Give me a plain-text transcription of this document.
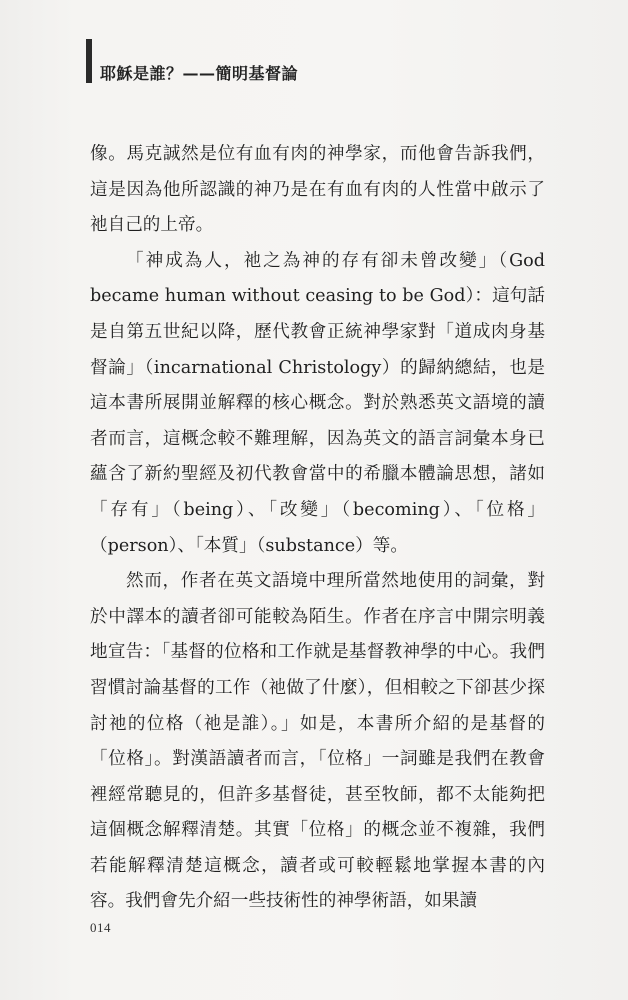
耶穌是誰？——簡明基督論

像。馬克誠然是位有血有肉的神學家，而他會告訴我們，這是因為他所認識的神乃是在有血有肉的人性當中啟示了祂自己的上帝。

「神成為人，祂之為神的存有卻未曾改變」（God became human without ceasing to be God）：這句話是自第五世紀以降，歷代教會正統神學家對「道成肉身基督論」（incarnational Christology）的歸納總結，也是這本書所展開並解釋的核心概念。對於熟悉英文語境的讀者而言，這概念較不難理解，因為英文的語言詞彙本身已蘊含了新約聖經及初代教會當中的希臘本體論思想，諸如「存有」（being）、「改變」（becoming）、「位格」（person）、「本質」（substance）等。

然而，作者在英文語境中理所當然地使用的詞彙，對於中譯本的讀者卻可能較為陌生。作者在序言中開宗明義地宣告：「基督的位格和工作就是基督教神學的中心。我們習慣討論基督的工作（祂做了什麼），但相較之下卻甚少探討祂的位格（祂是誰）。」如是，本書所介紹的是基督的「位格」。對漢語讀者而言，「位格」一詞雖是我們在教會裡經常聽見的，但許多基督徒，甚至牧師，都不太能夠把這個概念解釋清楚。其實「位格」的概念並不複雜，我們若能解釋清楚這概念，讀者或可較輕鬆地掌握本書的內容。我們會先介紹一些技術性的神學術語，如果讀

014
